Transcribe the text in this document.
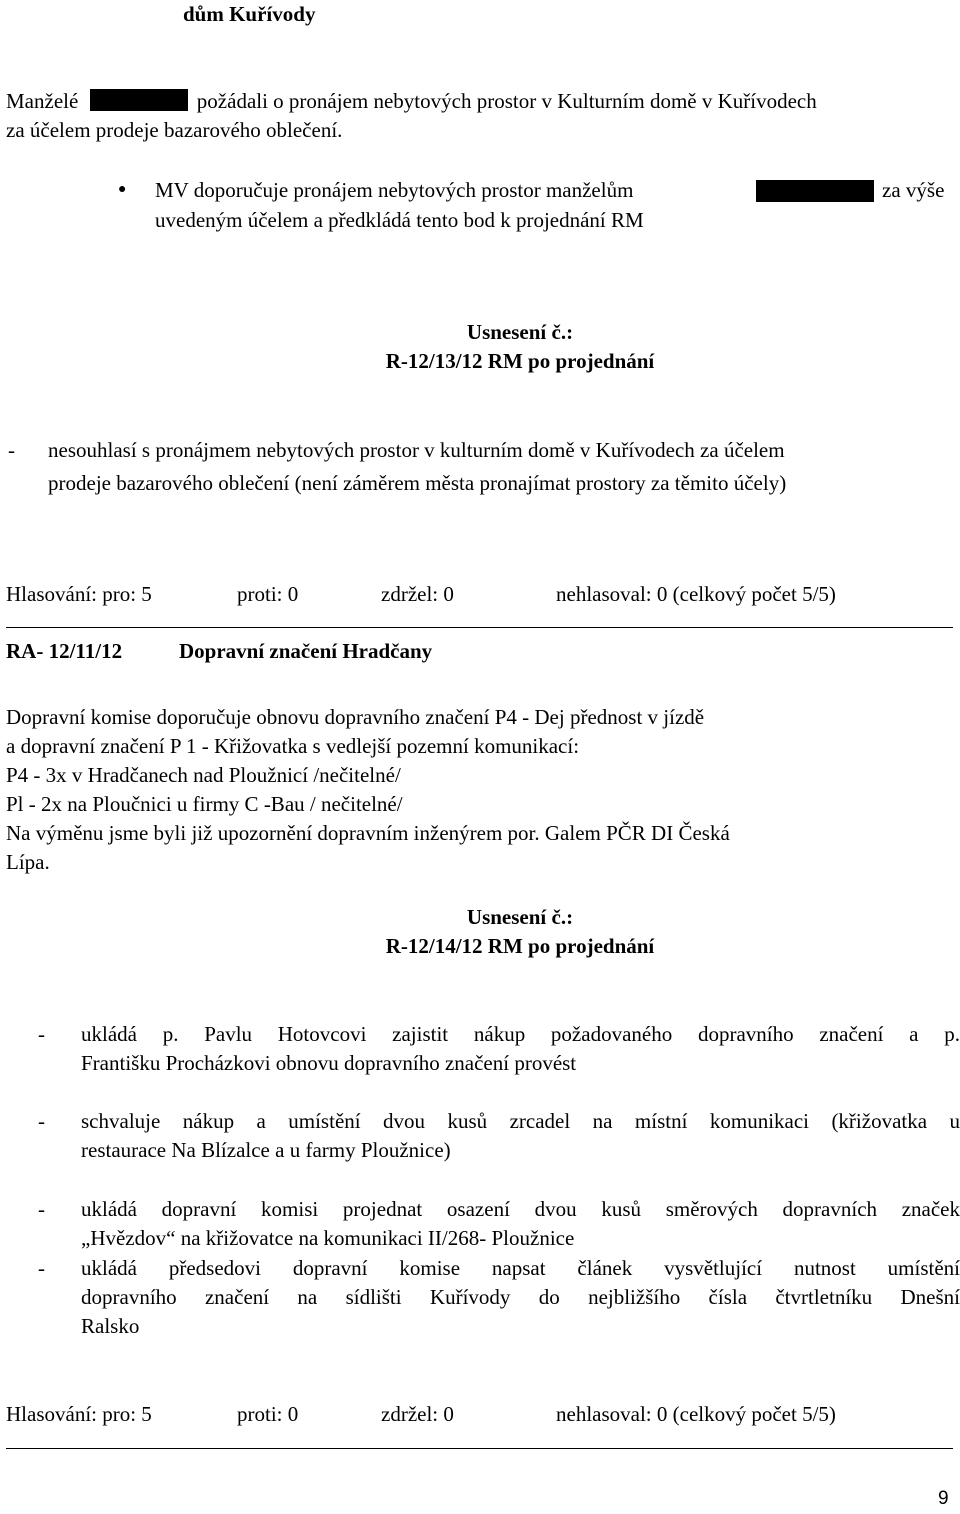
dům Kuřívody
Manželé	požádali o pronájem nebytových prostor v Kulturním domě v Kuřívodech
za účelem prodeje bazarového oblečení.
● MV doporučuje pronájem nebytových prostor manželům	za výše
uvedeným účelem a předkládá tento bod k projednání RM
Usnesení č.:
R-12/13/12 RM po projednání
- nesouhlasí s pronájmem nebytových prostor v kulturním domě v Kuřívodech za účelem
prodeje bazarového oblečení (není záměrem města pronajímat prostory za těmito účely)
Hlasování: pro: 5	proti: 0	zdržel: 0	nehlasoval: 0 (celkový počet 5/5)
RA- 12/11/12	Dopravní značení Hradčany
Dopravní komise doporučuje obnovu dopravního značení P4 - Dej přednost v jízdě
a dopravní značení P 1 - Křižovatka s vedlejší pozemní komunikací:
P4 - 3x v Hradčanech nad Ploužnicí /nečitelné/
Pl - 2x na Ploučnici u firmy C -Bau / nečitelné/
Na výměnu jsme byli již upozornění dopravním inženýrem por. Galem PČR DI Česká
Lípa.
Usnesení č.:
R-12/14/12 RM po projednání
- ukládá p. Pavlu Hotovcovi zajistit nákup požadovaného dopravního značení a p.
Františku Procházkovi obnovu dopravního značení provést
- schvaluje nákup a umístění dvou kusů zrcadel na místní komunikaci (křižovatka u
restaurace Na Blízalce a u farmy Ploužnice)
- ukládá dopravní komisi projednat osazení dvou kusů směrových dopravních značek
„Hvězdov“ na křižovatce na komunikaci II/268- Ploužnice
- ukládá předsedovi dopravní komise napsat článek vysvětlující nutnost umístění
dopravního značení na sídlišti Kuřívody do nejbližšího čísla čtvrtletníku Dnešní
Ralsko
Hlasování: pro: 5	proti: 0	zdržel: 0	nehlasoval: 0 (celkový počet 5/5)
9
